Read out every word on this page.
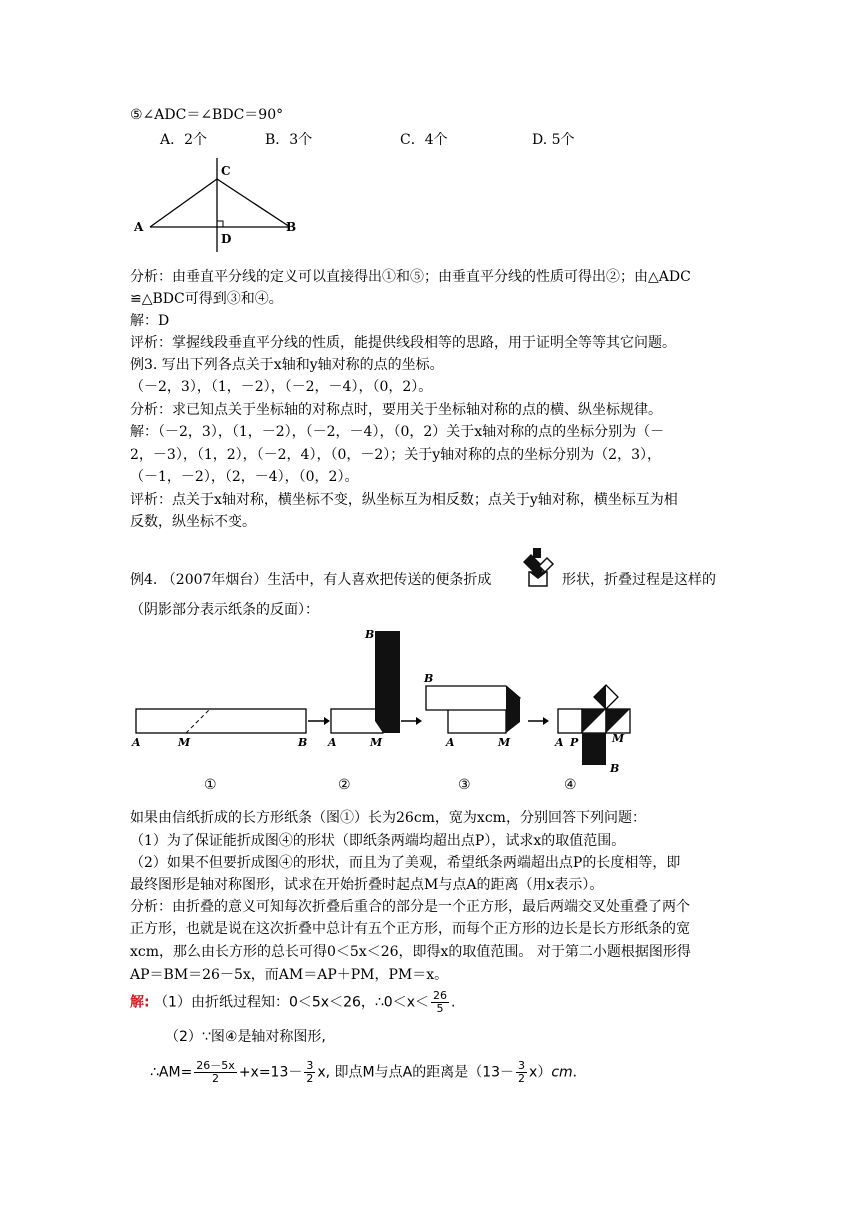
⑤∠ADC＝∠BDC＝90°
A．2个	B．3个	C．4个	D. 5个
C
A
D
B
分析：由垂直平分线的定义可以直接得出①和⑤；由垂直平分线的性质可得出②；由△ADC
≌△BDC可得到③和④。
解：D
评析：掌握线段垂直平分线的性质，能提供线段相等的思路，用于证明全等等其它问题。
例3. 写出下列各点关于x轴和y轴对称的点的坐标。
（－2，3），（1，－2），（－2，－4），（0，2）。
分析：求已知点关于坐标轴的对称点时，要用关于坐标轴对称的点的横、纵坐标规律。
解：（－2，3），（1，－2），（－2，－4），（0，2）关于x轴对称的点的坐标分别为（－
2，－3），（1，2），（－2，4），（0，－2）；关于y轴对称的点的坐标分别为（2，3），
（－1，－2），（2，－4），（0，2）。
评析：点关于x轴对称，横坐标不变，纵坐标互为相反数；点关于y轴对称，横坐标互为相
反数，纵坐标不变。
例4. （2007年烟台）生活中，有人喜欢把传送的便条折成	形状，折叠过程是这样的
（阴影部分表示纸条的反面）：
A	M	B
①
B
A	M
②
B
A	M
③
A P	M
B
④
如果由信纸折成的长方形纸条（图①）长为26cm，宽为xcm，分别回答下列问题：
（1）为了保证能折成图④的形状（即纸条两端均超出点P），试求x的取值范围。
（2）如果不但要折成图④的形状，而且为了美观，希望纸条两端超出点P的长度相等，即
最终图形是轴对称图形，试求在开始折叠时起点M与点A的距离（用x表示）。
分析：由折叠的意义可知每次折叠后重合的部分是一个正方形，最后两端交叉处重叠了两个
正方形，也就是说在这次折叠中总计有五个正方形，而每个正方形的边长是长方形纸条的宽
xcm，那么由长方形的总长可得0＜5x＜26，即得x的取值范围。 对于第二小题根据图形得
AP＝BM＝26－5x，而AM＝AP＋PM，PM＝x。
解: （1）由折纸过程知：0＜5x＜26，∴0＜x＜ $\frac{26}{5}$ .
（2）∵图④是轴对称图形,
∴AM= $\frac{26-5x}{2} +x=13- \frac{3}{2} x$, 即点M与点A的距离是$(13- \frac{3}{2} x)cm$.
